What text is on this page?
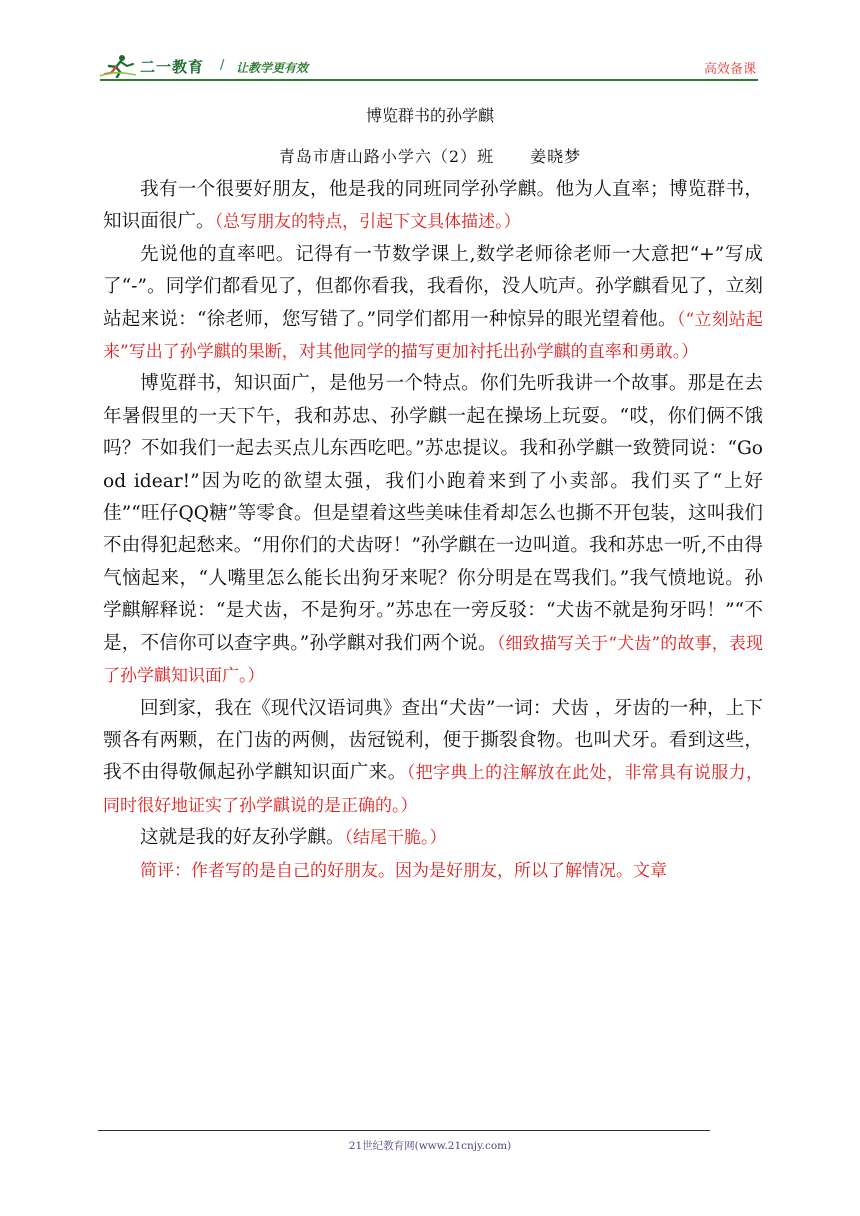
二一教育 / 让教学更有效	高效备课
博览群书的孙学麒
青岛市唐山路小学六（2）班 姜晓梦

我有一个很要好朋友，他是我的同班同学孙学麒。他为人直率；博览群书，知识面很广。（总写朋友的特点，引起下文具体描述。）

先说他的直率吧。记得有一节数学课上,数学老师徐老师一大意把“+”写成了“-”。同学们都看见了，但都你看我，我看你，没人吭声。孙学麒看见了，立刻站起来说：“徐老师，您写错了。”同学们都用一种惊异的眼光望着他。（“立刻站起来”写出了孙学麒的果断，对其他同学的描写更加衬托出孙学麒的直率和勇敢。）

博览群书，知识面广，是他另一个特点。你们先听我讲一个故事。那是在去年暑假里的一天下午，我和苏忠、孙学麒一起在操场上玩耍。“哎，你们俩不饿吗？不如我们一起去买点儿东西吃吧。”苏忠提议。我和孙学麒一致赞同说：“Good idear!”因为吃的欲望太强，我们小跑着来到了小卖部。我们买了“上好佳”“旺仔QQ糖”等零食。但是望着这些美味佳肴却怎么也撕不开包装，这叫我们不由得犯起愁来。“用你们的犬齿呀！”孙学麒在一边叫道。我和苏忠一听,不由得气恼起来，“人嘴里怎么能长出狗牙来呢？你分明是在骂我们。”我气愤地说。孙学麒解释说：“是犬齿，不是狗牙。”苏忠在一旁反驳：“犬齿不就是狗牙吗！”“不是，不信你可以查字典。”孙学麒对我们两个说。（细致描写关于“犬齿”的故事，表现了孙学麒知识面广。）

回到家，我在《现代汉语词典》查出“犬齿”一词：犬齿 ，牙齿的一种，上下颚各有两颗，在门齿的两侧，齿冠锐利，便于撕裂食物。也叫犬牙。看到这些，我不由得敬佩起孙学麒知识面广来。（把字典上的注解放在此处，非常具有说服力，同时很好地证实了孙学麒说的是正确的。）

这就是我的好友孙学麒。（结尾干脆。）

简评：作者写的是自己的好朋友。因为是好朋友，所以了解情况。文章

21世纪教育网(www.21cnjy.com)
